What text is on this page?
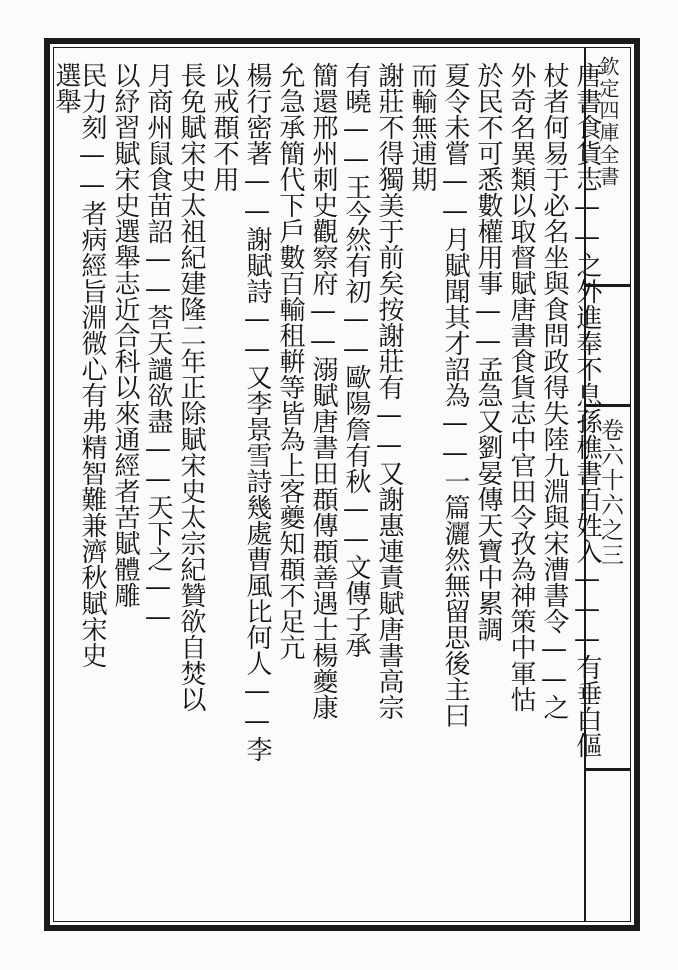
欽定四庫全書
卷六十六之三
唐書食貨志——之外進奉不息孫樵書百姓入———有垂白傴
杖者何易于必名坐與食問政得失陸九淵與宋漕書令——之
外奇名異類以取督賦唐書食貨志中官田令孜為神策中軍怙
於民不可悉數權用事——孟急又劉晏傳天寶中累調
夏令未嘗——月賦聞其才詔為——一篇灑然無留思後主曰
而輸無逋期
謝莊不得獨美于前矣按謝莊有——又謝惠連責賦唐書高宗
有曉——王今然有初——歐陽詹有秋——文傳子承
簡還邢州刺史觀察府——溺賦唐書田頵傳頵善遇士楊夔康
允急承簡代下戶數百輸租輧等皆為上客夔知頵不足亢
楊行密著——謝賦詩——又李景雪詩幾處曹風比何人——李
以戒頵不用
長免賦宋史太祖紀建隆二年正除賦宋史太宗紀贊欲自焚以
月商州鼠食苗詔——荅天譴欲盡——天下之——
以紓習賦宋史選舉志近合科以來通經者苦賦體雕
民力刻——者病經旨淵微心有弗精智難兼濟秋賦宋史
選舉
